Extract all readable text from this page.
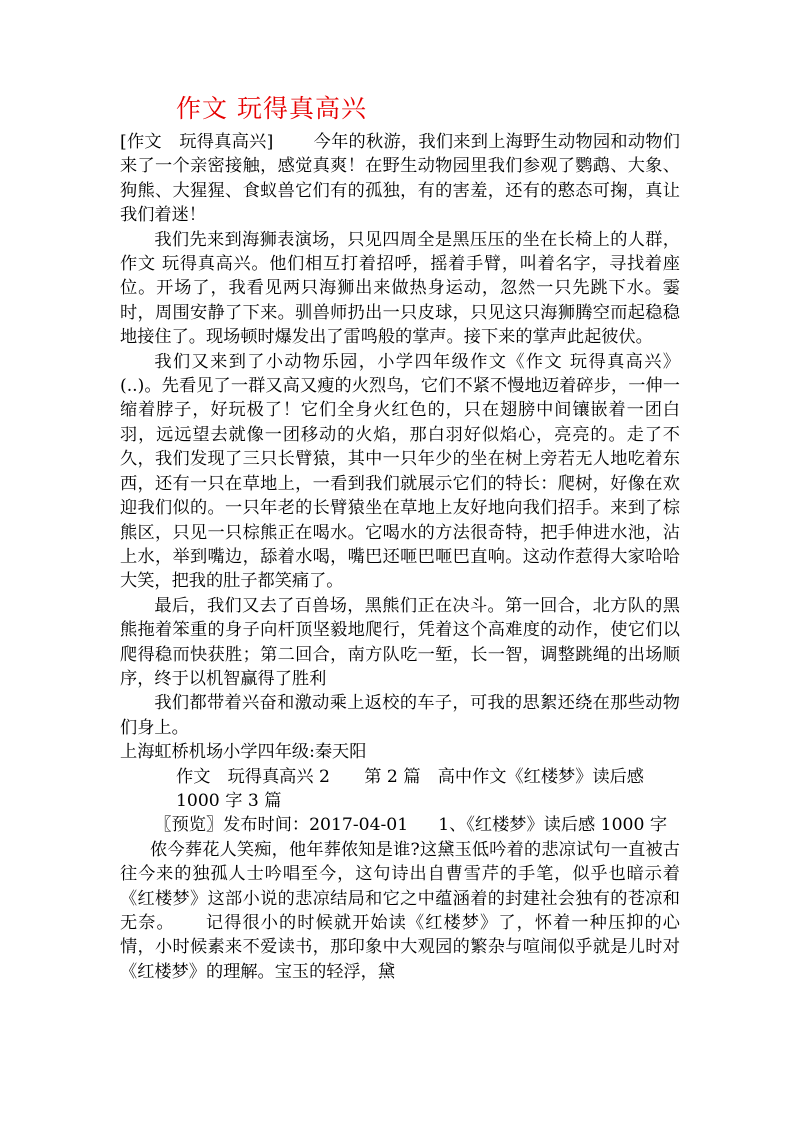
作文 玩得真高兴

[作文　玩得真高兴] 今年的秋游，我们来到上海野生动物园和动物们来了一个亲密接触，感觉真爽！在野生动物园里我们参观了鹦鹉、大象、狗熊、大猩猩、食蚁兽它们有的孤独，有的害羞，还有的憨态可掬，真让我们着迷！

我们先来到海狮表演场，只见四周全是黑压压的坐在长椅上的人群，作文 玩得真高兴。他们相互打着招呼，摇着手臂，叫着名字，寻找着座位。开场了，我看见两只海狮出来做热身运动，忽然一只先跳下水。霎时，周围安静了下来。驯兽师扔出一只皮球，只见这只海狮腾空而起稳稳地接住了。现场顿时爆发出了雷鸣般的掌声。接下来的掌声此起彼伏。

我们又来到了小动物乐园，小学四年级作文《作文 玩得真高兴》(..)。先看见了一群又高又瘦的火烈鸟，它们不紧不慢地迈着碎步，一伸一缩着脖子，好玩极了！它们全身火红色的，只在翅膀中间镶嵌着一团白羽，远远望去就像一团移动的火焰，那白羽好似焰心，亮亮的。走了不久，我们发现了三只长臂猿，其中一只年少的坐在树上旁若无人地吃着东西，还有一只在草地上，一看到我们就展示它们的特长：爬树，好像在欢迎我们似的。一只年老的长臂猿坐在草地上友好地向我们招手。来到了棕熊区，只见一只棕熊正在喝水。它喝水的方法很奇特，把手伸进水池，沾上水，举到嘴边，舔着水喝，嘴巴还咂巴咂巴直响。这动作惹得大家哈哈大笑，把我的肚子都笑痛了。

最后，我们又去了百兽场，黑熊们正在决斗。第一回合，北方队的黑熊拖着笨重的身子向杆顶坚毅地爬行，凭着这个高难度的动作，使它们以爬得稳而快获胜；第二回合，南方队吃一堑，长一智，调整跳绳的出场顺序，终于以机智赢得了胜利

我们都带着兴奋和激动乘上返校的车子，可我的思絮还绕在那些动物们身上。

上海虹桥机场小学四年级:秦天阳

作文　玩得真高兴 2　　第 2 篇　高中作文《红楼梦》读后感 1000 字 3 篇

〖预览〗发布时间：2017-04-01 1、《红楼梦》读后感 1000 字

侬今葬花人笑痴，他年葬侬知是谁?这黛玉低吟着的悲凉试句一直被古往今来的独孤人士吟唱至今，这句诗出自曹雪芹的手笔，似乎也暗示着《红楼梦》这部小说的悲凉结局和它之中蕴涵着的封建社会独有的苍凉和无奈。 记得很小的时候就开始读《红楼梦》了，怀着一种压抑的心情，小时候素来不爱读书，那印象中大观园的繁杂与喧闹似乎就是儿时对《红楼梦》的理解。宝玉的轻浮，黛
